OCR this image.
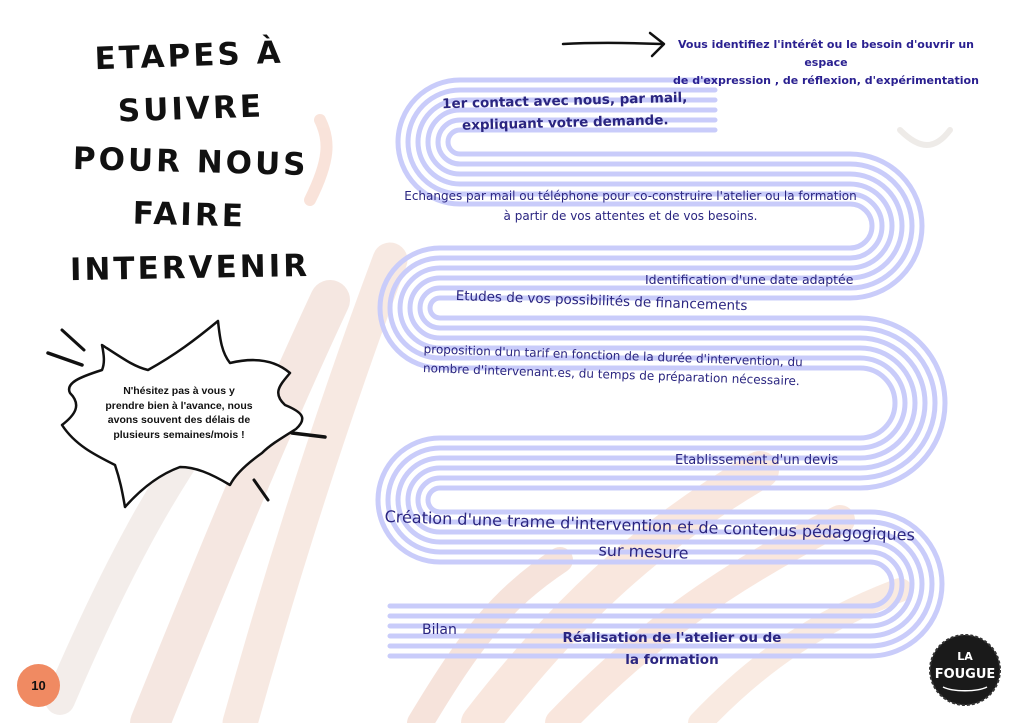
ETAPES À SUIVRE
POUR NOUS FAIRE
INTERVENIR
Vous identifiez l'intérêt ou le besoin d'ouvrir un espace
de d'expression , de réflexion, d'expérimentation
1er contact avec nous, par mail,
expliquant votre demande.
Echanges par mail ou téléphone pour co-construire l'atelier ou la formation
à partir de vos attentes et de vos besoins.
Identification d'une date adaptée
Etudes de vos possibilités de financements
proposition d'un tarif en fonction de la durée d'intervention, du nombre d'intervenant.es, du temps de préparation nécessaire.
Etablissement d'un devis
Création d'une trame d'intervention et de contenus pédagogiques
sur mesure
Bilan	Réalisation de l'atelier ou de
la formation
N'hésitez pas à vous y
prendre bien à l'avance, nous
avons souvent des délais de
plusieurs semaines/mois !
10
LA
FOUGUE
